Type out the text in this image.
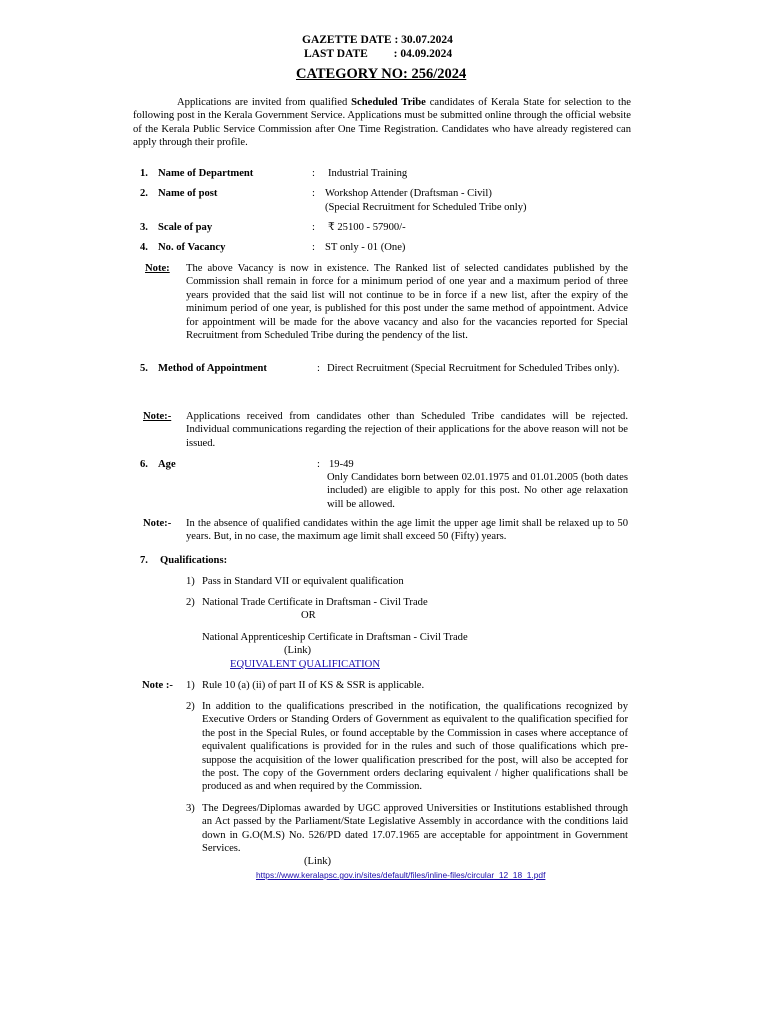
GAZETTE DATE : 30.07.2024
LAST DATE         : 04.09.2024
CATEGORY NO: 256/2024
Applications are invited from qualified Scheduled Tribe candidates of Kerala State for selection to the following post in the Kerala Government Service. Applications must be submitted online through the official website of the Kerala Public Service Commission after One Time Registration. Candidates who have already registered can apply through their profile.
1. Name of Department	: Industrial Training
2. Name of post	: Workshop Attender (Draftsman - Civil)
(Special Recruitment for Scheduled Tribe only)
3. Scale of pay	: ₹ 25100 - 57900/-
4. No. of Vacancy	: ST only - 01 (One)
Note: The above Vacancy is now in existence. The Ranked list of selected candidates published by the Commission shall remain in force for a minimum period of one year and a maximum period of three years provided that the said list will not continue to be in force if a new list, after the expiry of the minimum period of one year, is published for this post under the same method of appointment. Advice for appointment will be made for the above vacancy and also for the vacancies reported for Special Recruitment from Scheduled Tribe during the pendency of the list.
5. Method of Appointment	: Direct Recruitment (Special Recruitment for Scheduled Tribes only).
Note:- Applications received from candidates other than Scheduled Tribe candidates will be rejected. Individual communications regarding the rejection of their applications for the above reason will not be issued.
6. Age	: 19-49
Only Candidates born between 02.01.1975 and 01.01.2005 (both dates included) are eligible to apply for this post. No other age relaxation will be allowed.
Note:- In the absence of qualified candidates within the age limit the upper age limit shall be relaxed up to 50 years. But, in no case, the maximum age limit shall exceed 50 (Fifty) years.
7. Qualifications:
1) Pass in Standard VII or equivalent qualification
2) National Trade Certificate in Draftsman - Civil Trade
OR
National Apprenticeship Certificate in Draftsman - Civil Trade
(Link)
EQUIVALENT QUALIFICATION
Note :- 1) Rule 10 (a) (ii) of part II of KS & SSR is applicable.
2) In addition to the qualifications prescribed in the notification, the qualifications recognized by Executive Orders or Standing Orders of Government as equivalent to the qualification specified for the post in the Special Rules, or found acceptable by the Commission in cases where acceptance of equivalent qualifications is provided for in the rules and such of those qualifications which pre-suppose the acquisition of the lower qualification prescribed for the post, will also be accepted for the post. The copy of the Government orders declaring equivalent / higher qualifications shall be produced as and when required by the Commission.
3) The Degrees/Diplomas awarded by UGC approved Universities or Institutions established through an Act passed by the Parliament/State Legislative Assembly in accordance with the conditions laid down in G.O(M.S) No. 526/PD dated 17.07.1965 are acceptable for appointment in Government Services.
(Link)
https://www.keralapsc.gov.in/sites/default/files/inline-files/circular_12_18_1.pdf
